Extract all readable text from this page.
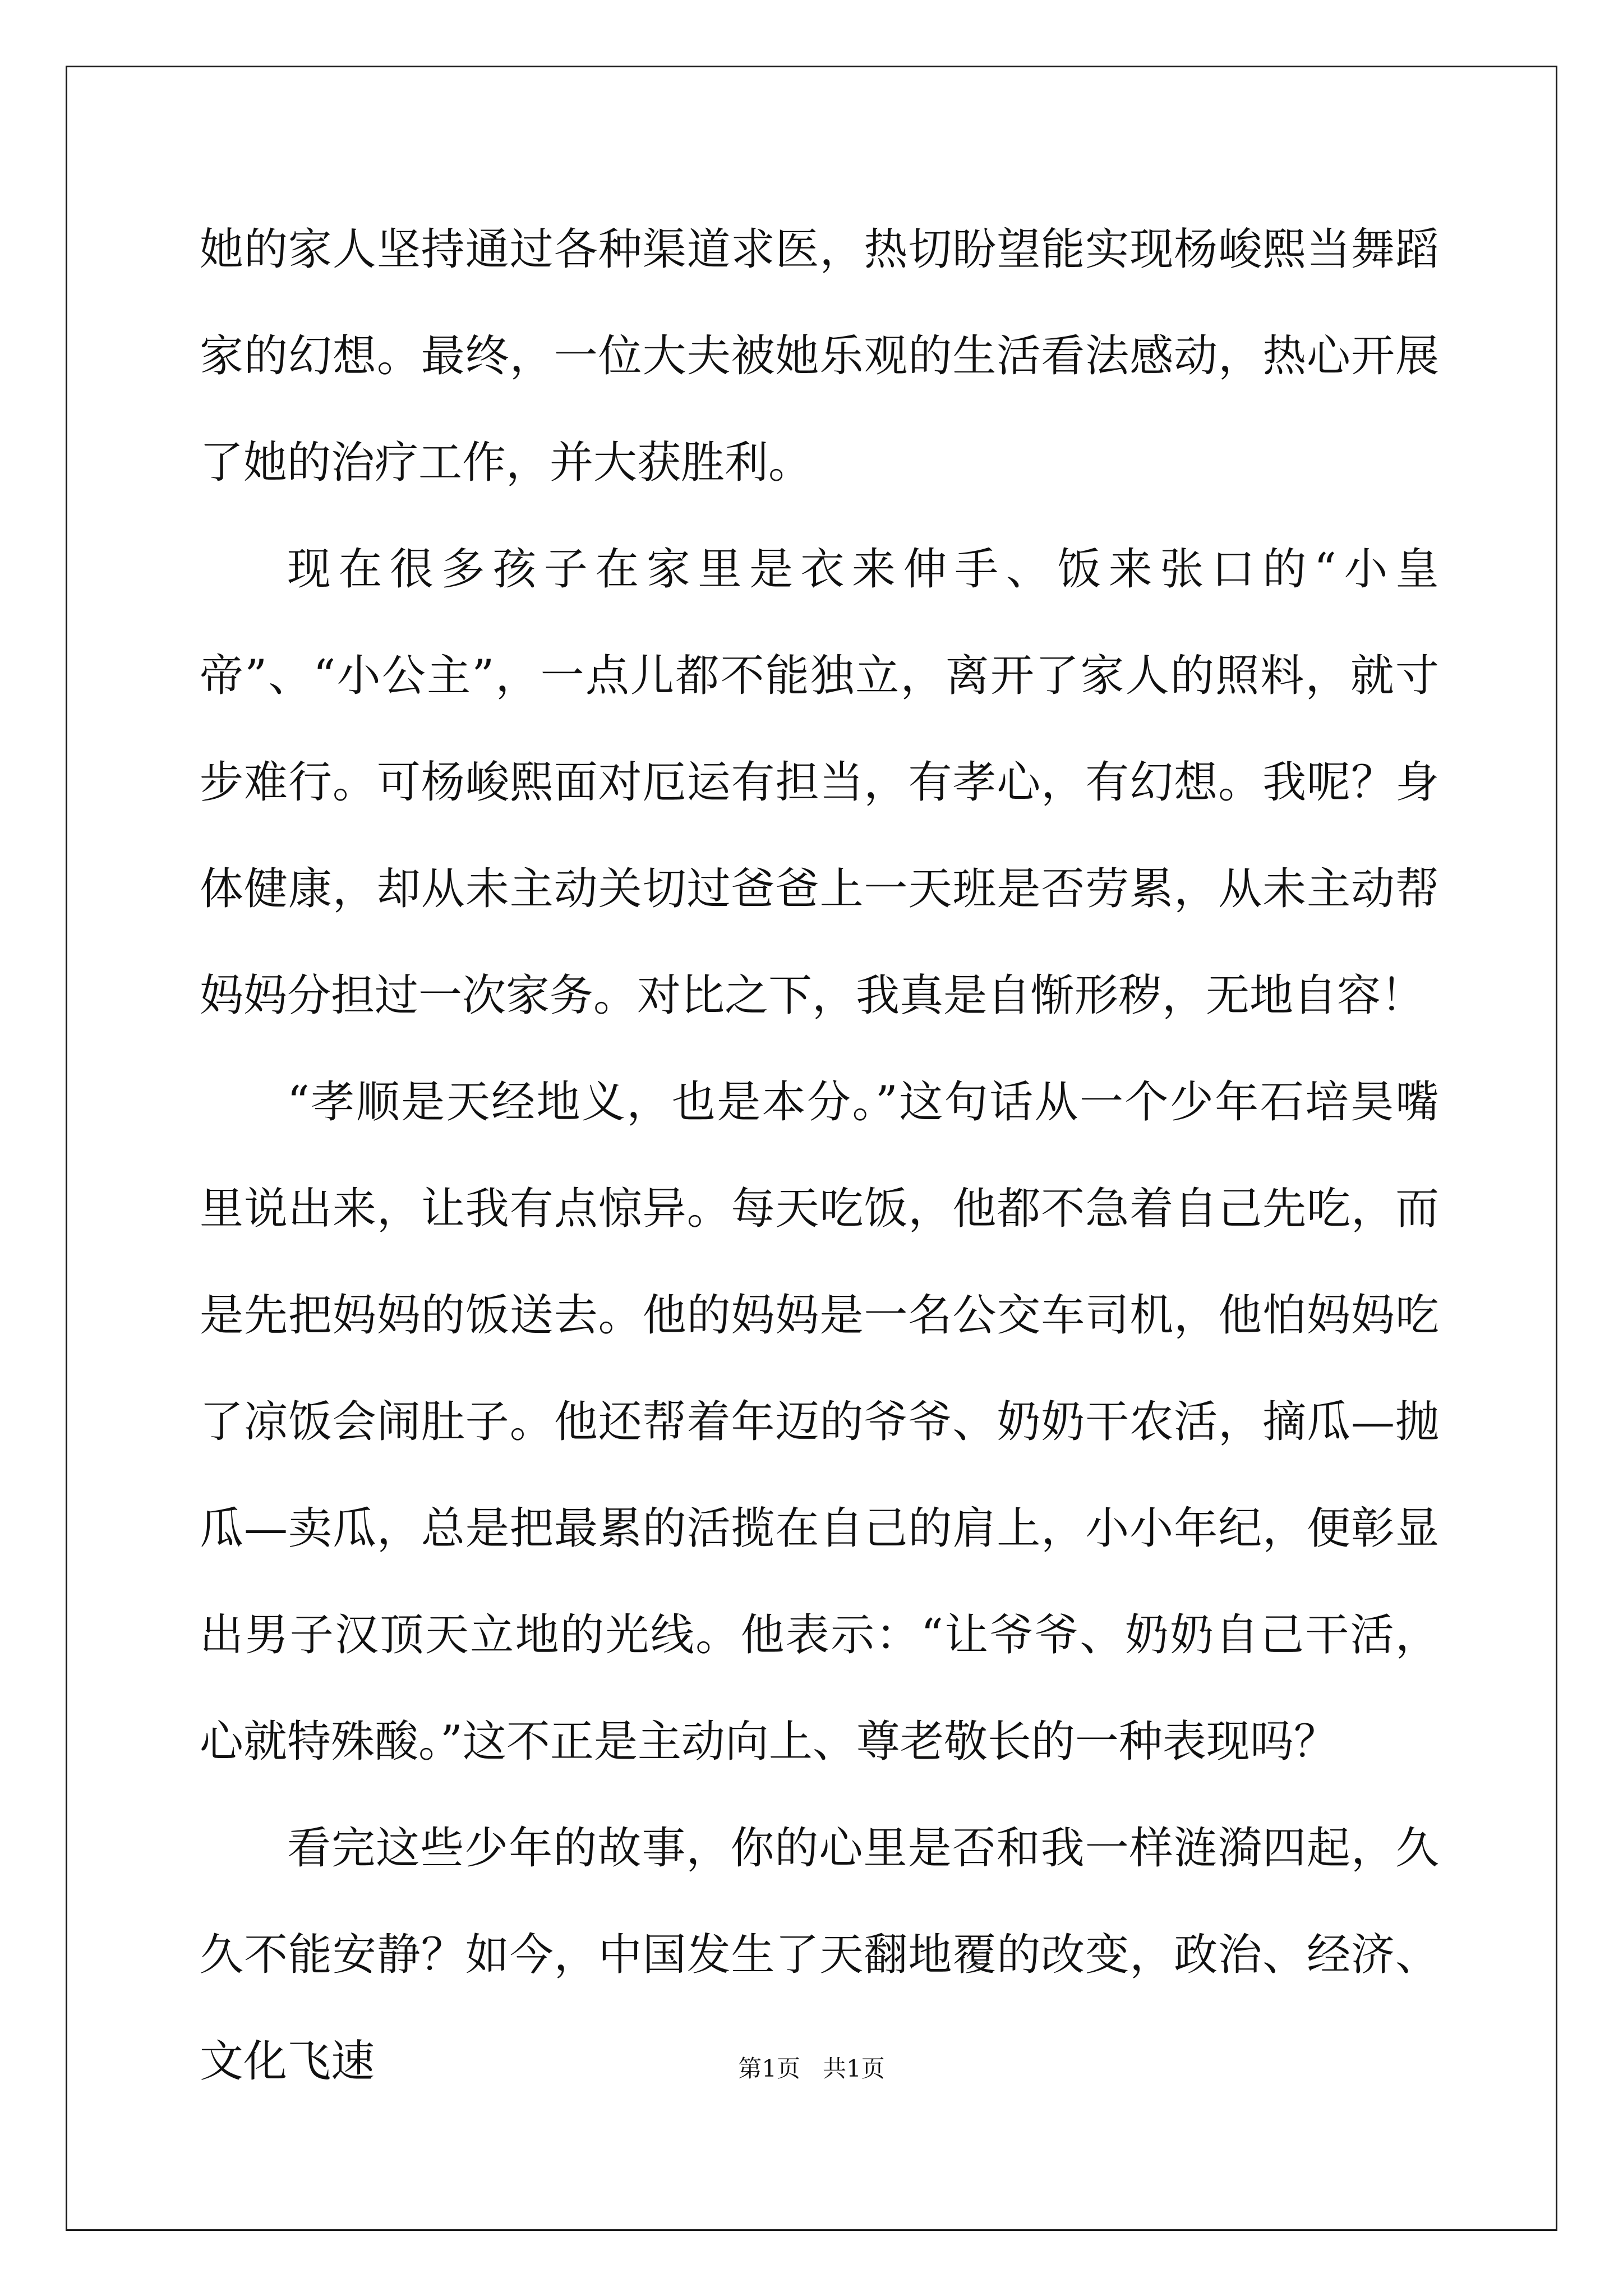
她的家人坚持通过各种渠道求医，热切盼望能实现杨峻熙当舞蹈家的幻想。最终，一位大夫被她乐观的生活看法感动，热心开展了她的治疗工作，并大获胜利。

现在很多孩子在家里是衣来伸手、饭来张口的“小皇帝”、“小公主”，一点儿都不能独立，离开了家人的照料，就寸步难行。可杨峻熙面对厄运有担当，有孝心，有幻想。我呢？身体健康，却从未主动关切过爸爸上一天班是否劳累，从未主动帮妈妈分担过一次家务。对比之下，我真是自惭形秽，无地自容！

“孝顺是天经地义，也是本分。”这句话从一个少年石培昊嘴里说出来，让我有点惊异。每天吃饭，他都不急着自己先吃，而是先把妈妈的饭送去。他的妈妈是一名公交车司机，他怕妈妈吃了凉饭会闹肚子。他还帮着年迈的爷爷、奶奶干农活，摘瓜—抛瓜—卖瓜，总是把最累的活揽在自己的肩上，小小年纪，便彰显出男子汉顶天立地的光线。他表示：“让爷爷、奶奶自己干活，心就特殊酸。”这不正是主动向上、尊老敬长的一种表现吗？

看完这些少年的故事，你的心里是否和我一样涟漪四起，久久不能安静？如今，中国发生了天翻地覆的改变，政治、经济、文化飞速	第1页   共1页
